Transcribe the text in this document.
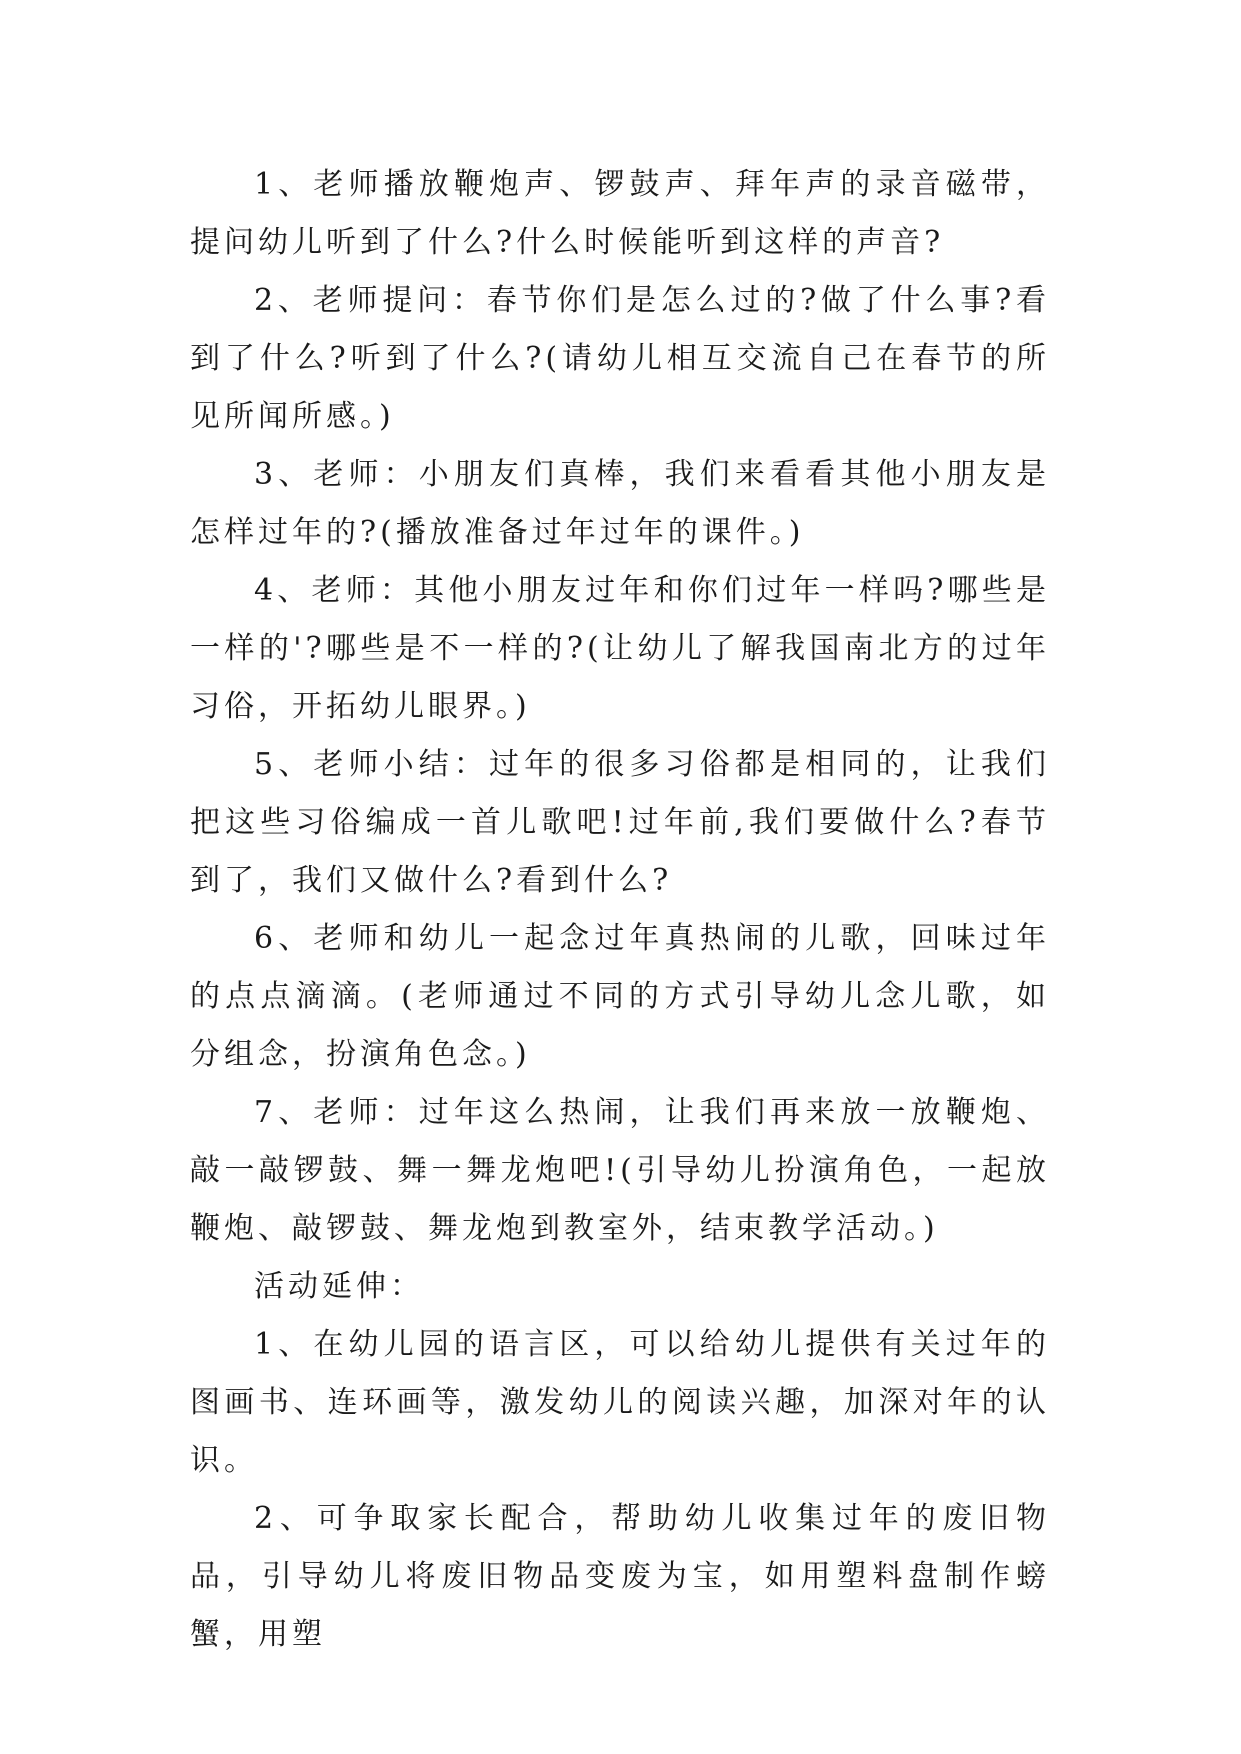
1、老师播放鞭炮声、锣鼓声、拜年声的录音磁带，提问幼儿听到了什么?什么时候能听到这样的声音?

2、老师提问：春节你们是怎么过的?做了什么事?看到了什么?听到了什么?(请幼儿相互交流自己在春节的所见所闻所感。)

3、老师：小朋友们真棒，我们来看看其他小朋友是怎样过年的?(播放准备过年过年的课件。)

4、老师：其他小朋友过年和你们过年一样吗?哪些是一样的'?哪些是不一样的?(让幼儿了解我国南北方的过年习俗，开拓幼儿眼界。)

5、老师小结：过年的很多习俗都是相同的，让我们把这些习俗编成一首儿歌吧!过年前,我们要做什么?春节到了，我们又做什么?看到什么?

6、老师和幼儿一起念过年真热闹的儿歌，回味过年的点点滴滴。(老师通过不同的方式引导幼儿念儿歌，如分组念，扮演角色念。)

7、老师：过年这么热闹，让我们再来放一放鞭炮、敲一敲锣鼓、舞一舞龙炮吧!(引导幼儿扮演角色，一起放鞭炮、敲锣鼓、舞龙炮到教室外，结束教学活动。)

活动延伸：

1、在幼儿园的语言区，可以给幼儿提供有关过年的图画书、连环画等，激发幼儿的阅读兴趣，加深对年的认识。

2、可争取家长配合，帮助幼儿收集过年的废旧物品，引导幼儿将废旧物品变废为宝，如用塑料盘制作螃蟹，用塑
